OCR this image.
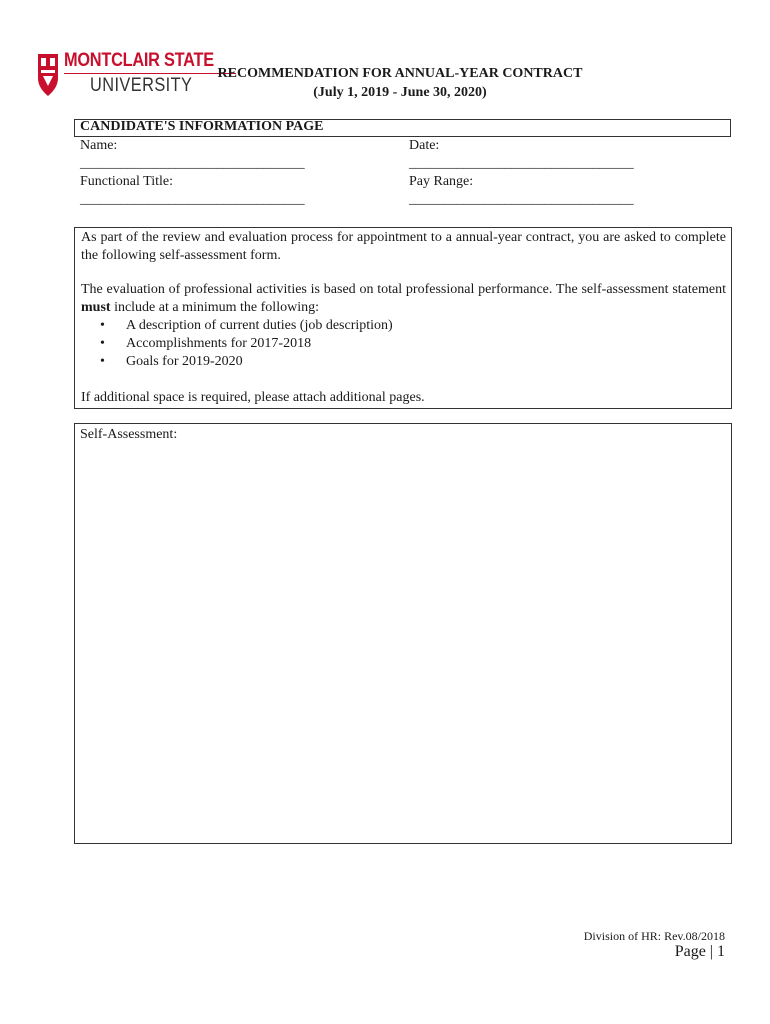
MONTCLAIR STATE
UNIVERSITY
RECOMMENDATION FOR ANNUAL-YEAR CONTRACT
(July 1, 2019 - June 30, 2020)
CANDIDATE'S INFORMATION PAGE
Name:	Date:
_________________________________	_________________________________
Functional Title:	Pay Range:
_________________________________	_________________________________
As part of the review and evaluation process for appointment to a annual-year contract, you are asked to complete the following self-assessment form.
The evaluation of professional activities is based on total professional performance. The self-assessment statement must include at a minimum the following:
•	A description of current duties (job description)
•	Accomplishments for 2017-2018
•	Goals for 2019-2020
If additional space is required, please attach additional pages.
Self-Assessment:
Division of HR: Rev.08/2018
Page | 1
